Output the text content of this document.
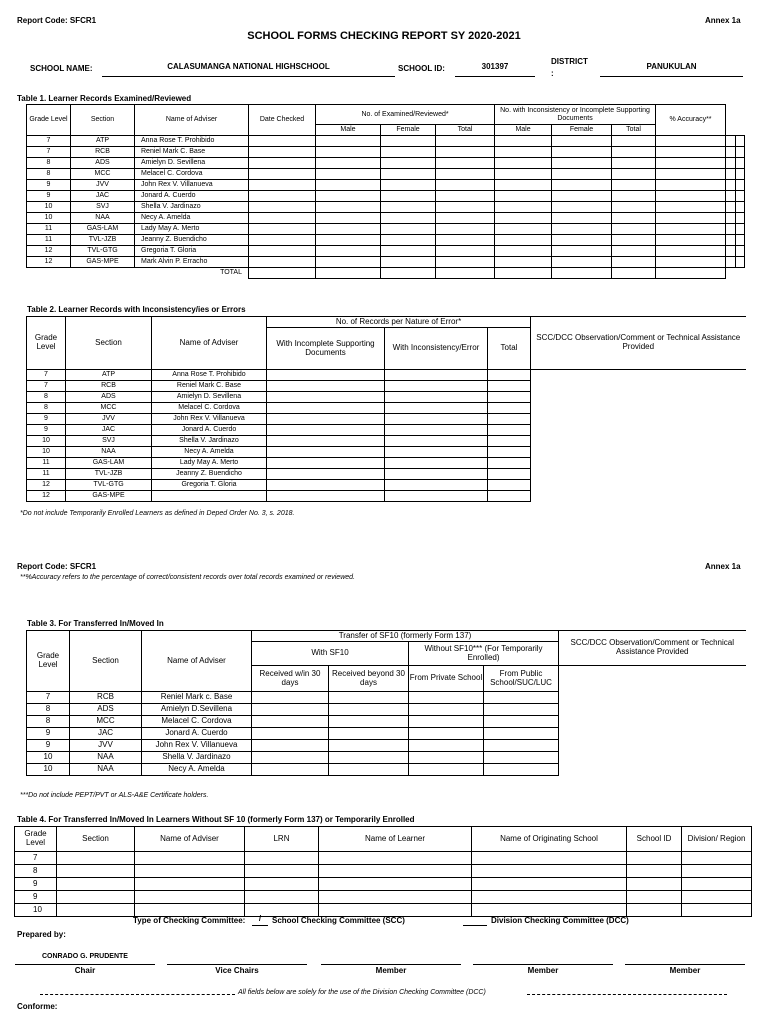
Report Code: SFCR1	Annex 1a
SCHOOL FORMS CHECKING REPORT SY 2020-2021
SCHOOL NAME:	CALASUMANGA NATIONAL HIGHSCHOOL	SCHOOL ID:	301397
DISTRICT
:
PANUKULAN
Table 1. Learner Records Examined/Reviewed
Grade Level	Section	Name of Adviser	Date Checked	No. of Examined/Reviewed*			No. with Inconsistency or Incomplete Supporting Documents			% Accuracy**		
				Male	Female	Total	Male	Female	Total			
7	ATP	Anna Rose T. Prohibido										
7	RCB	Reniel Mark C. Base										
8	ADS	Amielyn D. Sevillena										
8	MCC	Melacel C. Cordova										
9	JVV	John Rex V. Villanueva										
9	JAC	Jonard A. Cuerdo										
10	SVJ	Shella V. Jardinazo										
10	NAA	Necy A. Amelda										
11	GAS-LAM	Lady May A. Merto										
11	TVL-JZB	Jeanny Z. Buendicho										
12	TVL-GTG	Gregoria T. Gloria										
12	GAS-MPE	Mark Alvin P. Erracho										
		TOTAL										
Table 2. Learner Records with Inconsistency/ies or Errors
Grade Level	Section	Name of Adviser	No. of Records per Nature of Error*			SCC/DCC Observation/Comment or Technical Assistance Provided
			With Incomplete Supporting Documents	With Inconsistency/Error	Total	
7	ATP	Anna Rose T. Prohibido				
7	RCB	Reniel Mark C. Base				
8	ADS	Amielyn D. Sevillena				
8	MCC	Melacel C. Cordova				
9	JVV	John Rex V. Villanueva				
9	JAC	Jonard A. Cuerdo				
10	SVJ	Shella V. Jardinazo				
10	NAA	Necy A. Amelda				
11	GAS-LAM	Lady May A. Merto				
11	TVL-JZB	Jeanny Z. Buendicho				
12	TVL-GTG	Gregoria T. Gloria				
12	GAS-MPE					
*Do not include Temporarily Enrolled Learners as defined in Deped Order No. 3, s. 2018.
Report Code: SFCR1	Annex 1a
**%Accuracy refers to the percentage of correct/consistent records over total records examined or reviewed.
Table 3. For Transferred In/Moved In
Grade Level	Section	Name of Adviser	Transfer of SF10 (formerly Form 137)				SCC/DCC Observation/Comment or Technical Assistance Provided
			With SF10		Without SF10*** (For Temporarily Enrolled)		
			Received w/in 30 days	Received beyond 30 days	From Private School	From Public School/SUC/LUC	
7	RCB	Reniel Mark c. Base					
8	ADS	Amielyn D.Sevillena					
8	MCC	Melacel C. Cordova					
9	JAC	Jonard A. Cuerdo					
9	JVV	John Rex V. Villanueva					
10	NAA	Shella V. Jardinazo					
10	NAA	Necy A. Amelda					
***Do not include PEPT/PVT or ALS-A&E Certificate holders.
Table 4. For Transferred In/Moved In Learners Without SF 10 (formerly Form 137) or Temporarily Enrolled
Grade Level	Section	Name of Adviser	LRN	Name of Learner	Name of Originating School	School ID	Division/ Region
7							
8							
9							
9							
10							
Type of Checking Committee:	/	School Checking Committee (SCC)	Division Checking Committee (DCC)
Prepared by:
CONRADO G. PRUDENTE
Chair	Vice Chairs	Member	Member	Member
All fields below are solely for the use of the Division Checking Committee (DCC)
Conforme:
